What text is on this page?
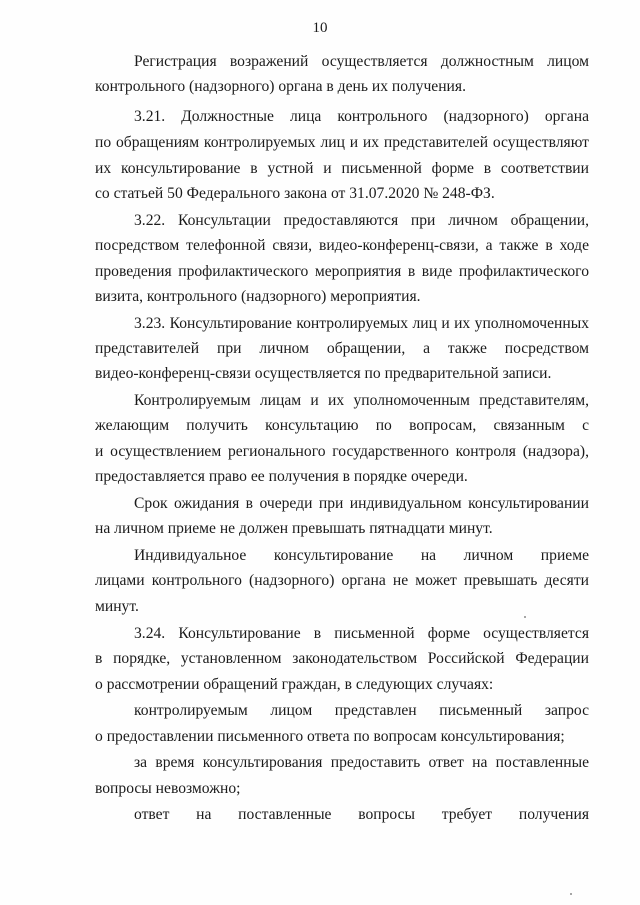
10
Регистрация возражений осуществляется должностным лицом
контрольного (надзорного) органа в день их получения.
3.21. Должностные лица контрольного (надзорного) органа
по обращениям контролируемых лиц и их представителей осуществляют
их консультирование в устной и письменной форме в соответствии
со статьей 50 Федерального закона от 31.07.2020 № 248-ФЗ.
3.22. Консультации предоставляются при личном обращении,
посредством телефонной связи, видео-конференц-связи, а также в ходе
проведения профилактического мероприятия в виде профилактического
визита, контрольного (надзорного) мероприятия.
3.23. Консультирование контролируемых лиц и их уполномоченных
представителей при личном обращении, а также посредством
видео-конференц-связи осуществляется по предварительной записи.
Контролируемым лицам и их уполномоченным представителям,
желающим получить консультацию по вопросам, связанным с
и осуществлением регионального государственного контроля (надзора),
предоставляется право ее получения в порядке очереди.
Срок ожидания в очереди при индивидуальном консультировании
на личном приеме не должен превышать пятнадцати минут.
Индивидуальное консультирование на личном приеме
лицами контрольного (надзорного) органа не может превышать десяти
минут.
3.24. Консультирование в письменной форме осуществляется
в порядке, установленном законодательством Российской Федерации
о рассмотрении обращений граждан, в следующих случаях:
контролируемым лицом представлен письменный запрос
о предоставлении письменного ответа по вопросам консультирования;
за время консультирования предоставить ответ на поставленные
вопросы невозможно;
ответ на поставленные вопросы требует получения
